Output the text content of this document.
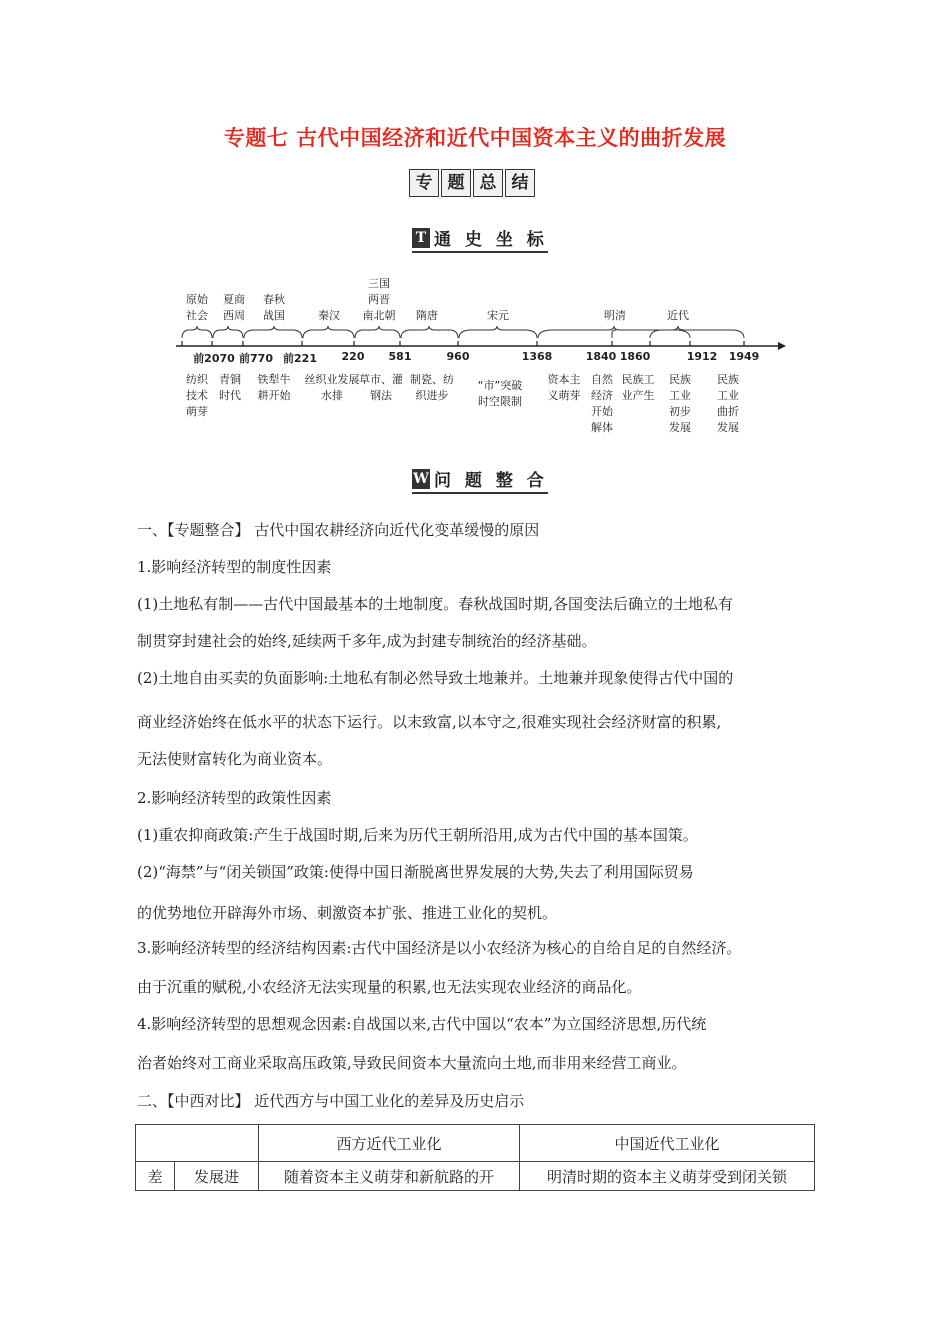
专题七 古代中国经济和近代中国资本主义的曲折发展
专 题 总 结
T 通 史 坐 标
原始
社会
夏商
西周
春秋
战国	秦汉
三国
两晋
南北朝	隋唐	宋元	明清	近代
前2070 前770 前221	220	581	960	1368	1840 1860	1912 1949
纺织
技术
萌芽
青铜
时代
铁犁牛
耕开始
丝织业发展
水排
草市、灌
钢法
制瓷、纺
织进步
“市”突破
时空限制
资本主
义萌芽
自然
经济
开始
解体
民族工
业产生
民族
工业
初步
发展
民族
工业
曲折
发展
W 问 题 整 合
一、【专题整合】 古代中国农耕经济向近代化变革缓慢的原因
1.影响经济转型的制度性因素
(1)土地私有制——古代中国最基本的土地制度。春秋战国时期,各国变法后确立的土地私有
制贯穿封建社会的始终,延续两千多年,成为封建专制统治的经济基础。
(2)土地自由买卖的负面影响:土地私有制必然导致土地兼并。土地兼并现象使得古代中国的
商业经济始终在低水平的状态下运行。以末致富,以本守之,很难实现社会经济财富的积累,
无法使财富转化为商业资本。
2.影响经济转型的政策性因素
(1)重农抑商政策:产生于战国时期,后来为历代王朝所沿用,成为古代中国的基本国策。
(2)“海禁”与“闭关锁国”政策:使得中国日渐脱离世界发展的大势,失去了利用国际贸易
的优势地位开辟海外市场、刺激资本扩张、推进工业化的契机。
3.影响经济转型的经济结构因素:古代中国经济是以小农经济为核心的自给自足的自然经济。
由于沉重的赋税,小农经济无法实现量的积累,也无法实现农业经济的商品化。
4.影响经济转型的思想观念因素:自战国以来,古代中国以“农本”为立国经济思想,历代统
治者始终对工商业采取高压政策,导致民间资本大量流向土地,而非用来经营工商业。
二、【中西对比】 近代西方与中国工业化的差异及历史启示
		西方近代工业化	中国近代工业化
差	发展进	随着资本主义萌芽和新航路的开	明清时期的资本主义萌芽受到闭关锁
